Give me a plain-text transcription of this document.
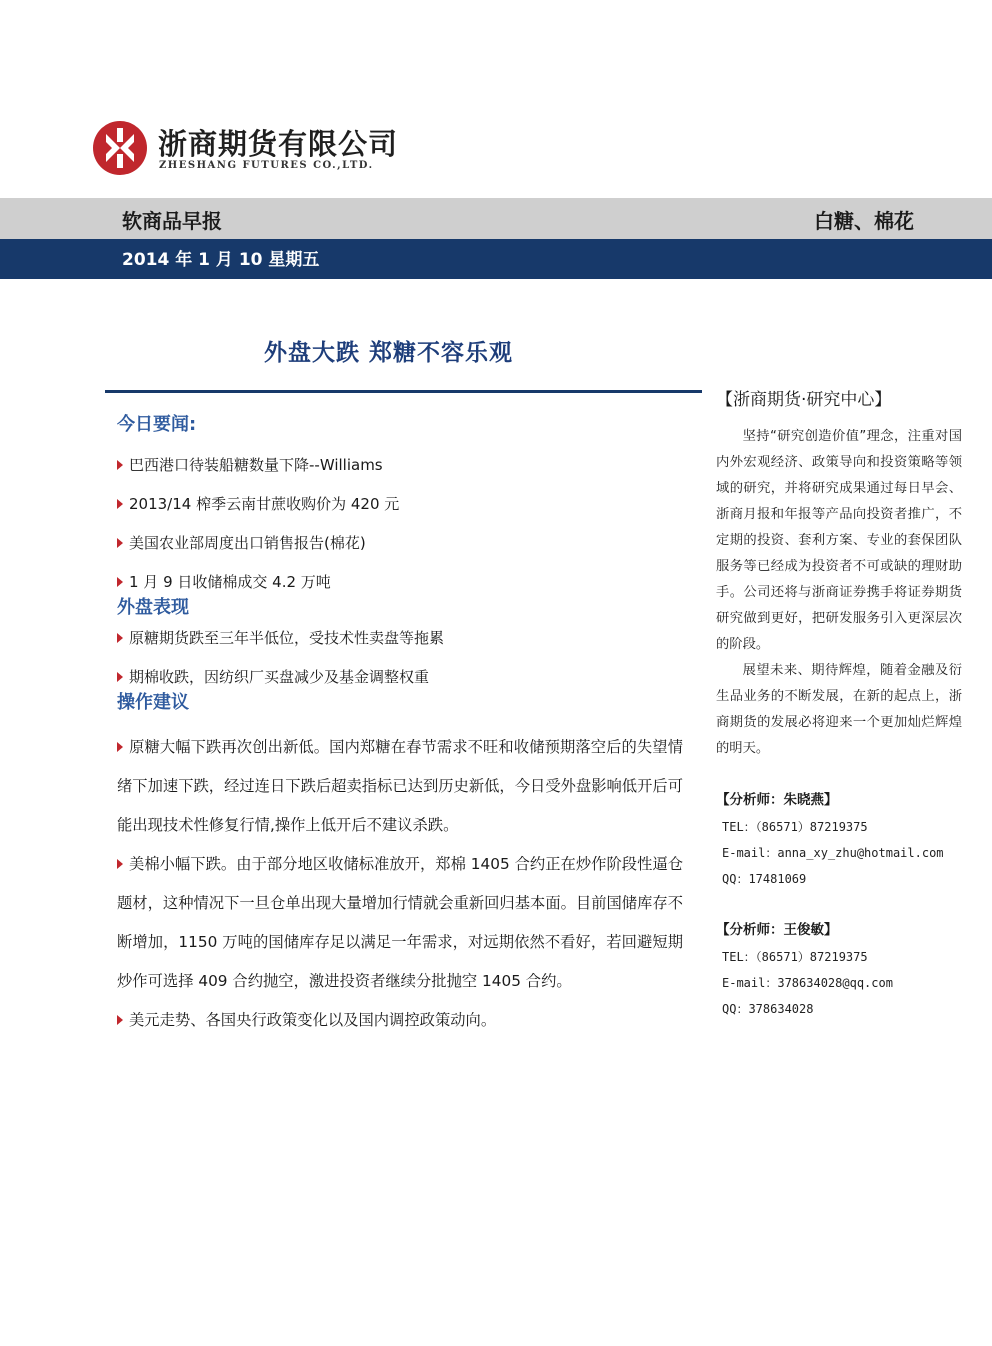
浙商期货有限公司
ZHESHANG FUTURES CO.,LTD.
软商品早报	白糖、棉花
2014 年 1 月 10 星期五
外盘大跌 郑糖不容乐观
今日要闻:
巴西港口待装船糖数量下降--Williams
2013/14 榨季云南甘蔗收购价为 420 元
美国农业部周度出口销售报告(棉花)
1 月 9 日收储棉成交 4.2 万吨
外盘表现
原糖期货跌至三年半低位，受技术性卖盘等拖累
期棉收跌，因纺织厂买盘减少及基金调整权重
操作建议
原糖大幅下跌再次创出新低。国内郑糖在春节需求不旺和收储预期落空后的失望情绪下加速下跌，经过连日下跌后超卖指标已达到历史新低，今日受外盘影响低开后可能出现技术性修复行情,操作上低开后不建议杀跌。
美棉小幅下跌。由于部分地区收储标准放开，郑棉 1405 合约正在炒作阶段性逼仓题材，这种情况下一旦仓单出现大量增加行情就会重新回归基本面。目前国储库存不断增加，1150 万吨的国储库存足以满足一年需求，对远期依然不看好，若回避短期炒作可选择 409 合约抛空，激进投资者继续分批抛空 1405 合约。
美元走势、各国央行政策变化以及国内调控政策动向。
【浙商期货·研究中心】
坚持“研究创造价值”理念，注重对国内外宏观经济、政策导向和投资策略等领域的研究，并将研究成果通过每日早会、浙商月报和年报等产品向投资者推广，不定期的投资、套利方案、专业的套保团队服务等已经成为投资者不可或缺的理财助手。公司还将与浙商证券携手将证券期货研究做到更好，把研发服务引入更深层次的阶段。
展望未来、期待辉煌，随着金融及衍生品业务的不断发展，在新的起点上，浙商期货的发展必将迎来一个更加灿烂辉煌的明天。
【分析师：朱晓燕】
TEL：（86571）87219375
E-mail：anna_xy_zhu@hotmail.com
QQ：17481069
【分析师：王俊敏】
TEL：（86571）87219375
E-mail：378634028@qq.com
QQ：378634028
